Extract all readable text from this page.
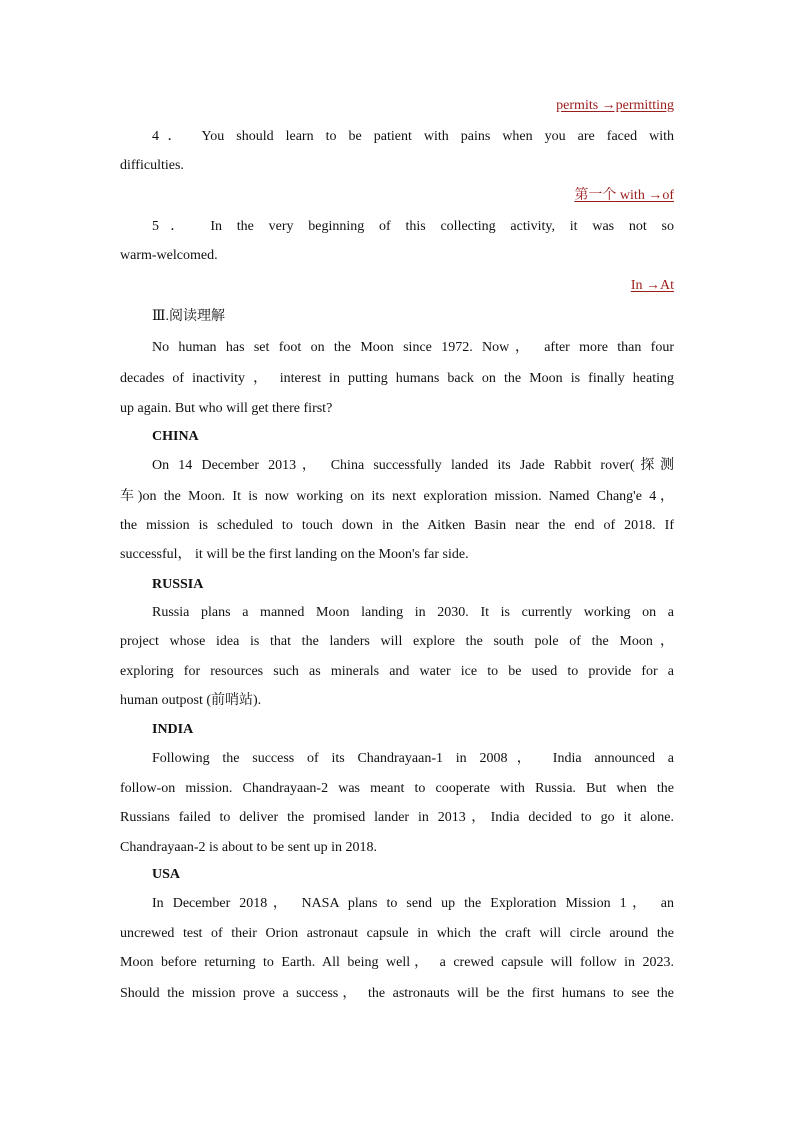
permits →permitting
4． You should learn to be patient with pains when you are faced with
difficulties.
第一个 with →of
5． In the very beginning of this collecting activity, it was not so
warm-welcomed.
In →At
Ⅲ.阅读理解
No human has set foot on the Moon since 1972. Now， after more than four
decades of inactivity ， interest in putting humans back on the Moon is finally heating
up again. But who will get there first?
CHINA
On 14 December 2013， China successfully landed its Jade Rabbit rover(探测
车)on the Moon. It is now working on its next exploration mission. Named Chang'e 4，
the mission is scheduled to touch down in the Aitken Basin near the end of 2018. If
successful， it will be the first landing on the Moon's far side.
RUSSIA
Russia plans a manned Moon landing in 2030. It is currently working on a
project whose idea is that the landers will explore the south pole of the Moon，
exploring for resources such as minerals and water ice to be used to provide for a
human outpost (前哨站).
INDIA
Following the success of its Chandrayaan-1 in 2008， India announced a
follow-on mission. Chandrayaan-2 was meant to cooperate with Russia. But when the
Russians failed to deliver the promised lander in 2013，India decided to go it alone.
Chandrayaan-2 is about to be sent up in 2018.
USA
In December 2018， NASA plans to send up the Exploration Mission 1， an
uncrewed test of their Orion astronaut capsule in which the craft will circle around the
Moon before returning to Earth. All being well， a crewed capsule will follow in 2023.
Should the mission prove a success， the astronauts will be the first humans to see the
